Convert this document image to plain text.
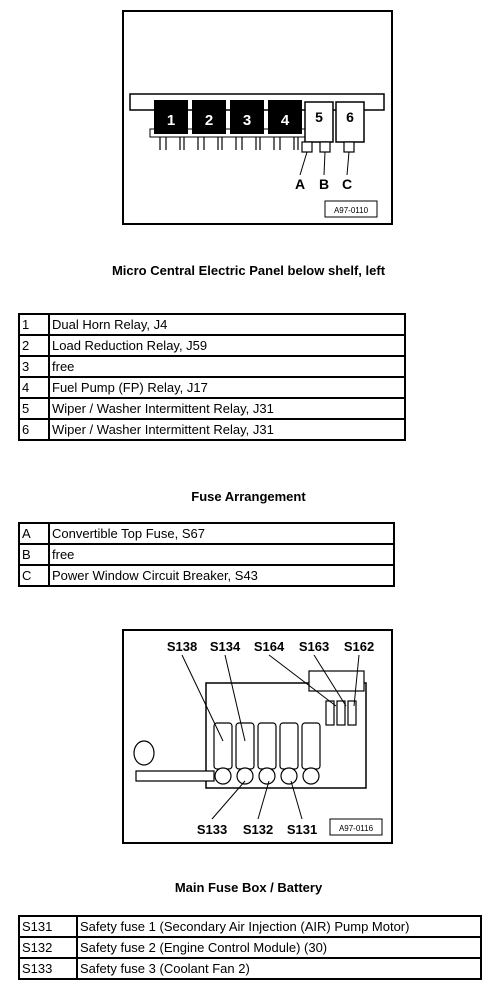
1 2 3 4 5 6
A B C
A97-0110
Micro Central Electric Panel below shelf, left
1	Dual Horn Relay, J4
2	Load Reduction Relay, J59
3	free
4	Fuel Pump (FP) Relay, J17
5	Wiper / Washer Intermittent Relay, J31
6	Wiper / Washer Intermittent Relay, J31
Fuse Arrangement
A	Convertible Top Fuse, S67
B	free
C	Power Window Circuit Breaker, S43
S138 S134 S164 S163 S162
S133 S132 S131	A97-0116
Main Fuse Box / Battery
S131	Safety fuse 1 (Secondary Air Injection (AIR) Pump Motor)
S132	Safety fuse 2 (Engine Control Module) (30)
S133	Safety fuse 3 (Coolant Fan 2)
